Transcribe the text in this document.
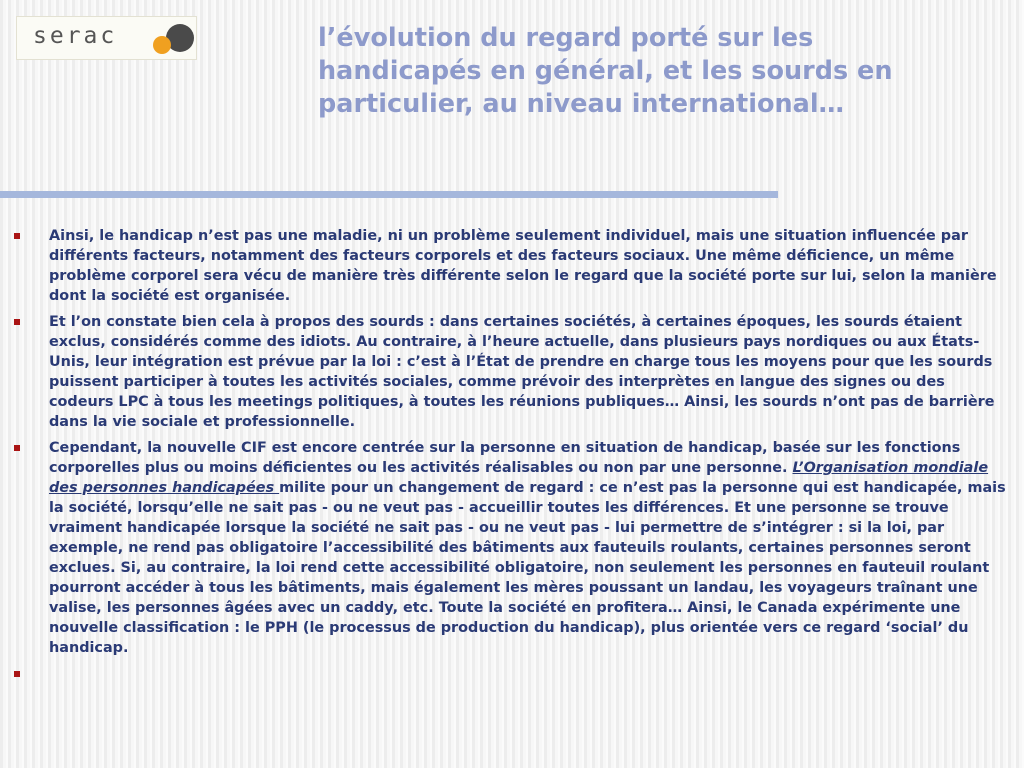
serac	l’évolution du regard porté sur les handicapés en général, et les sourds en particulier, au niveau international…
Ainsi, le handicap n’est pas une maladie, ni un problème seulement individuel, mais une situation influencée par différents facteurs, notamment des facteurs corporels et des facteurs sociaux. Une même déficience, un même problème corporel sera vécu de manière très différente selon le regard que la société porte sur lui, selon la manière dont la société est organisée.
Et l’on constate bien cela à propos des sourds : dans certaines sociétés, à certaines époques, les sourds étaient exclus, considérés comme des idiots. Au contraire, à l’heure actuelle, dans plusieurs pays nordiques ou aux États-Unis, leur intégration est prévue par la loi : c’est à l’État de prendre en charge tous les moyens pour que les sourds puissent participer à toutes les activités sociales, comme prévoir des interprètes en langue des signes ou des codeurs LPC à tous les meetings politiques, à toutes les réunions publiques… Ainsi, les sourds n’ont pas de barrière dans la vie sociale et professionnelle.
Cependant, la nouvelle CIF est encore centrée sur la personne en situation de handicap, basée sur les fonctions corporelles plus ou moins déficientes ou les activités réalisables ou non par une personne. L’Organisation mondiale des personnes handicapées milite pour un changement de regard : ce n’est pas la personne qui est handicapée, mais la société, lorsqu’elle ne sait pas - ou ne veut pas - accueillir toutes les différences. Et une personne se trouve vraiment handicapée lorsque la société ne sait pas - ou ne veut pas - lui permettre de s’intégrer : si la loi, par exemple, ne rend pas obligatoire l’accessibilité des bâtiments aux fauteuils roulants, certaines personnes seront exclues. Si, au contraire, la loi rend cette accessibilité obligatoire, non seulement les personnes en fauteuil roulant pourront accéder à tous les bâtiments, mais également les mères poussant un landau, les voyageurs traînant une valise, les personnes âgées avec un caddy, etc. Toute la société en profitera… Ainsi, le Canada expérimente une nouvelle classification : le PPH (le processus de production du handicap), plus orientée vers ce regard ‘social’ du handicap.
